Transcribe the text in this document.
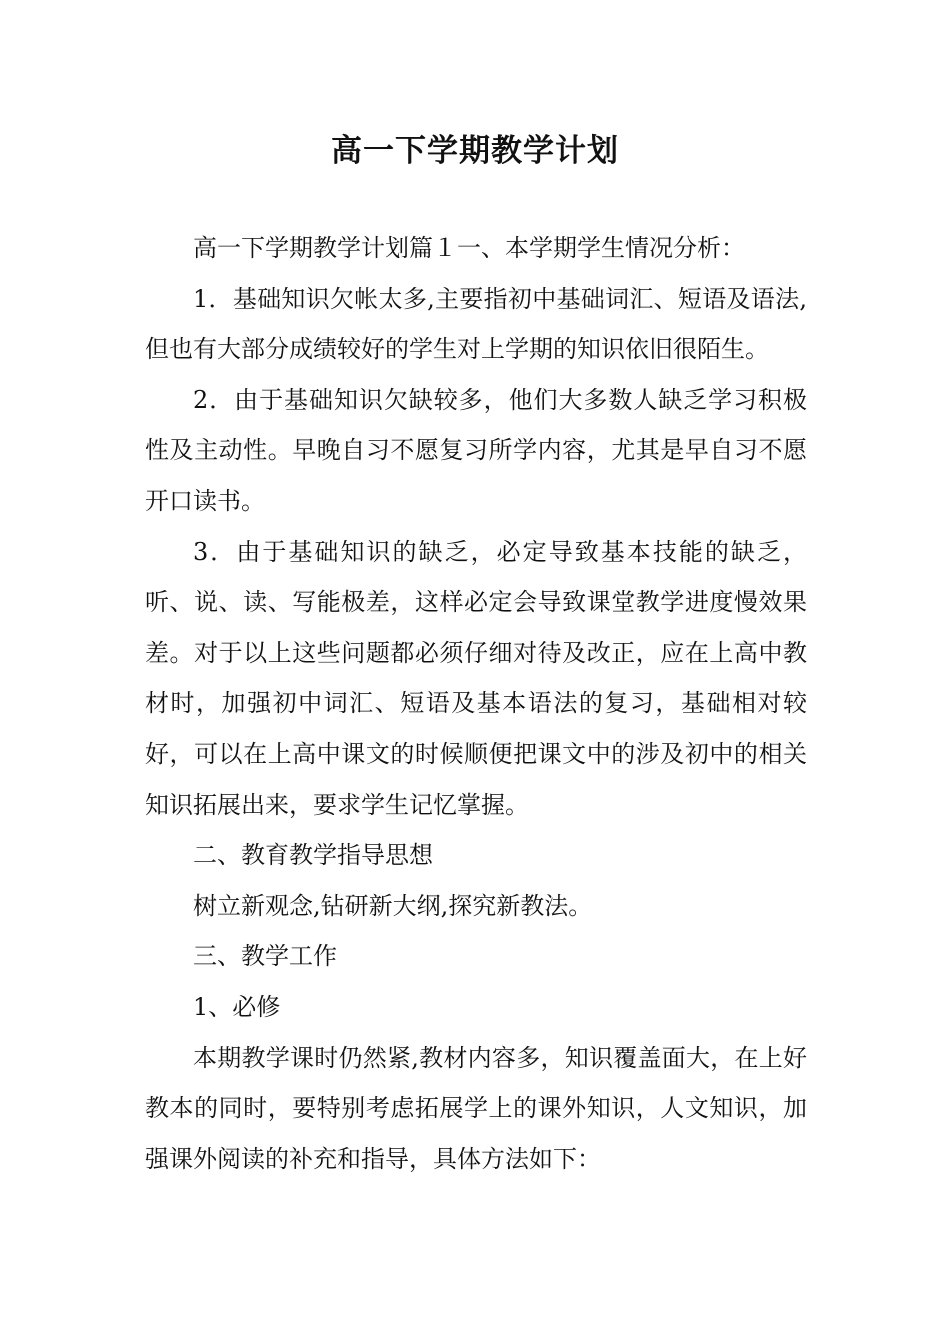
高一下学期教学计划

高一下学期教学计划篇１一、本学期学生情况分析：

1．基础知识欠帐太多,主要指初中基础词汇、短语及语法,但也有大部分成绩较好的学生对上学期的知识依旧很陌生。

2．由于基础知识欠缺较多，他们大多数人缺乏学习积极性及主动性。早晚自习不愿复习所学内容，尤其是早自习不愿开口读书。

3．由于基础知识的缺乏，必定导致基本技能的缺乏，听、说、读、写能极差，这样必定会导致课堂教学进度慢效果差。对于以上这些问题都必须仔细对待及改正，应在上高中教材时，加强初中词汇、短语及基本语法的复习，基础相对较好，可以在上高中课文的时候顺便把课文中的涉及初中的相关知识拓展出来，要求学生记忆掌握。

二、教育教学指导思想

树立新观念,钻研新大纲,探究新教法。

三、教学工作

1、必修

本期教学课时仍然紧,教材内容多，知识覆盖面大，在上好教本的同时，要特别考虑拓展学上的课外知识，人文知识，加强课外阅读的补充和指导，具体方法如下：
